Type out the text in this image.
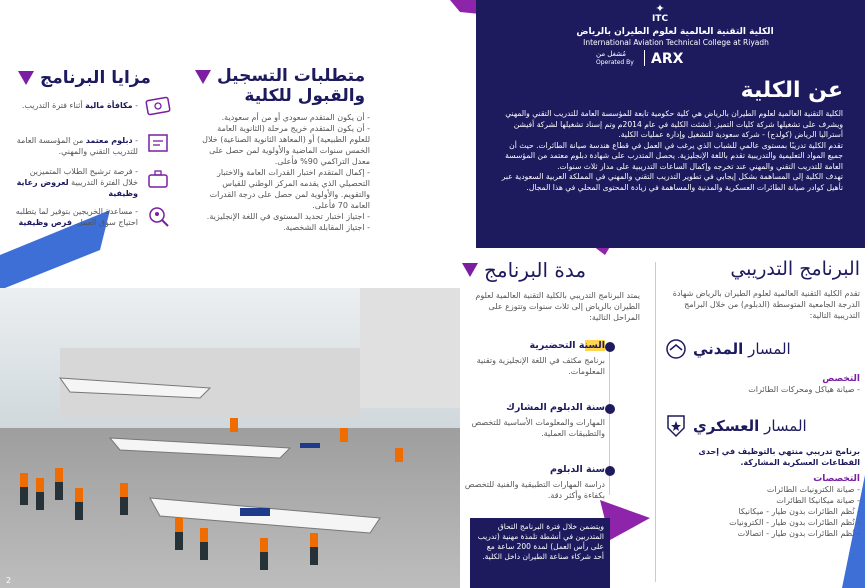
✦
ITC
الكلية التقنية العالمية لعلوم الطيران بالرياض
International Aviation Technical College at Riyadh
مُشغل من
Operated By ARX
عن الكلية

الكلية التقنية العالمية لعلوم الطيران بالرياض هي كلية حكومية تابعة للمؤسسة العامة للتدريب التقني والمهني ويشرف على تشغيلها شركة كليات التميز. أنشئت الكلية في عام 2014م وتم إسناد تشغيلها لشركة أفيشن أستراليا الرياض (كولدج) - شركة سعودية للتشغيل وإدارة عمليات الكلية.

تقدم الكلية تدريبًا بمستوى عالمي للشباب الذي يرغب في العمل في قطاع هندسة صيانة الطائرات. حيث أن جميع المواد التعليمية والتدريبية تقدم باللغة الإنجليزية. يحصل المتدرب على شهادة دبلوم معتمد من المؤسسة العامة للتدريب التقني والمهني عند تخرجه وإكمال الساعات التدريبية على مدار ثلاث سنوات.

تهدف الكلية إلى المساهمة بشكل إيجابي في تطوير التدريب التقني والمهني في المملكة العربية السعودية عبر تأهيل كوادر صيانة الطائرات العسكرية والمدنية والمساهمة في زيادة المحتوى المحلي في هذا المجال.

مزايا البرنامج
- مكافأة مالية أثناء فترة التدريب.
- دبلوم معتمد من المؤسسة العامة للتدريب التقني والمهني.
- فرصة ترشيح الطلاب المتميزين خلال الفترة التدريبية لعروض رعاية وظيفية
- مساعدة الخريجين بتوفير لما يتطلبه احتياج سوق العمل. فرص وظيفية
متطلبات التسجيل
والقبول للكلية
- أن يكون المتقدم سعودي أو من أم سعودية.
- أن يكون المتقدم خريج مرحلة (الثانوية العامة للعلوم الطبيعية) أو (المعاهد الثانوية الصناعية) خلال الخمس سنوات الماضية والأولوية لمن حصل على معدل التراكمي 90% فأعلى.
- إكمال المتقدم اختبار القدرات العامة والاختبار التحصيلي الذي يقدمه المركز الوطني للقياس والتقويم. والأولوية لمن حصل على درجة القدرات العامة 70 فأعلى.
- اجتياز اختبار تحديد المستوى في اللغة الإنجليزية.
- اجتياز المقابلة الشخصية.
2
مدة البرنامج
يمتد البرنامج التدريبي بالكلية التقنية العالمية لعلوم الطيران بالرياض إلى ثلاث سنوات وتتوزع على المراحل التالية:
السنة التحضيرية
برنامج مكثف في اللغة الإنجليزية وتقنية المعلومات.
سنة الدبلوم المشارك
المهارات والمعلومات الأساسية للتخصص والتطبيقات العملية.
سنة الدبلوم
دراسة المهارات التطبيقية والفنية للتخصص بكفاءة وأكثر دقة.
ويتضمن خلال فترة البرنامج التحاق المتدربين في أنشطة تلمذة مهنية (تدريب على رأس العمل) لمدة 200 ساعة مع أحد شركاء صناعة الطيران داخل الكلية.
البرنامج التدريبي
تقدم الكلية التقنية العالمية لعلوم الطيران بالرياض شهادة الدرجة الجامعية المتوسطة (الدبلوم) من خلال البرامج التدريبية التالية:
المسار المدني
التخصص
- صيانة هياكل ومحركات الطائرات
المسار العسكري
برنامج تدريبي منتهي بالتوظيف في إحدى القطاعات العسكرية المشاركة.
التخصصات
- صيانة الكترونيات الطائرات
- صيانة ميكانيكا الطائرات
- نُظم الطائرات بدون طيار - ميكانيكا
- نُظم الطائرات بدون طيار - الكترونيات
- نُظم الطائرات بدون طيار - اتصالات
